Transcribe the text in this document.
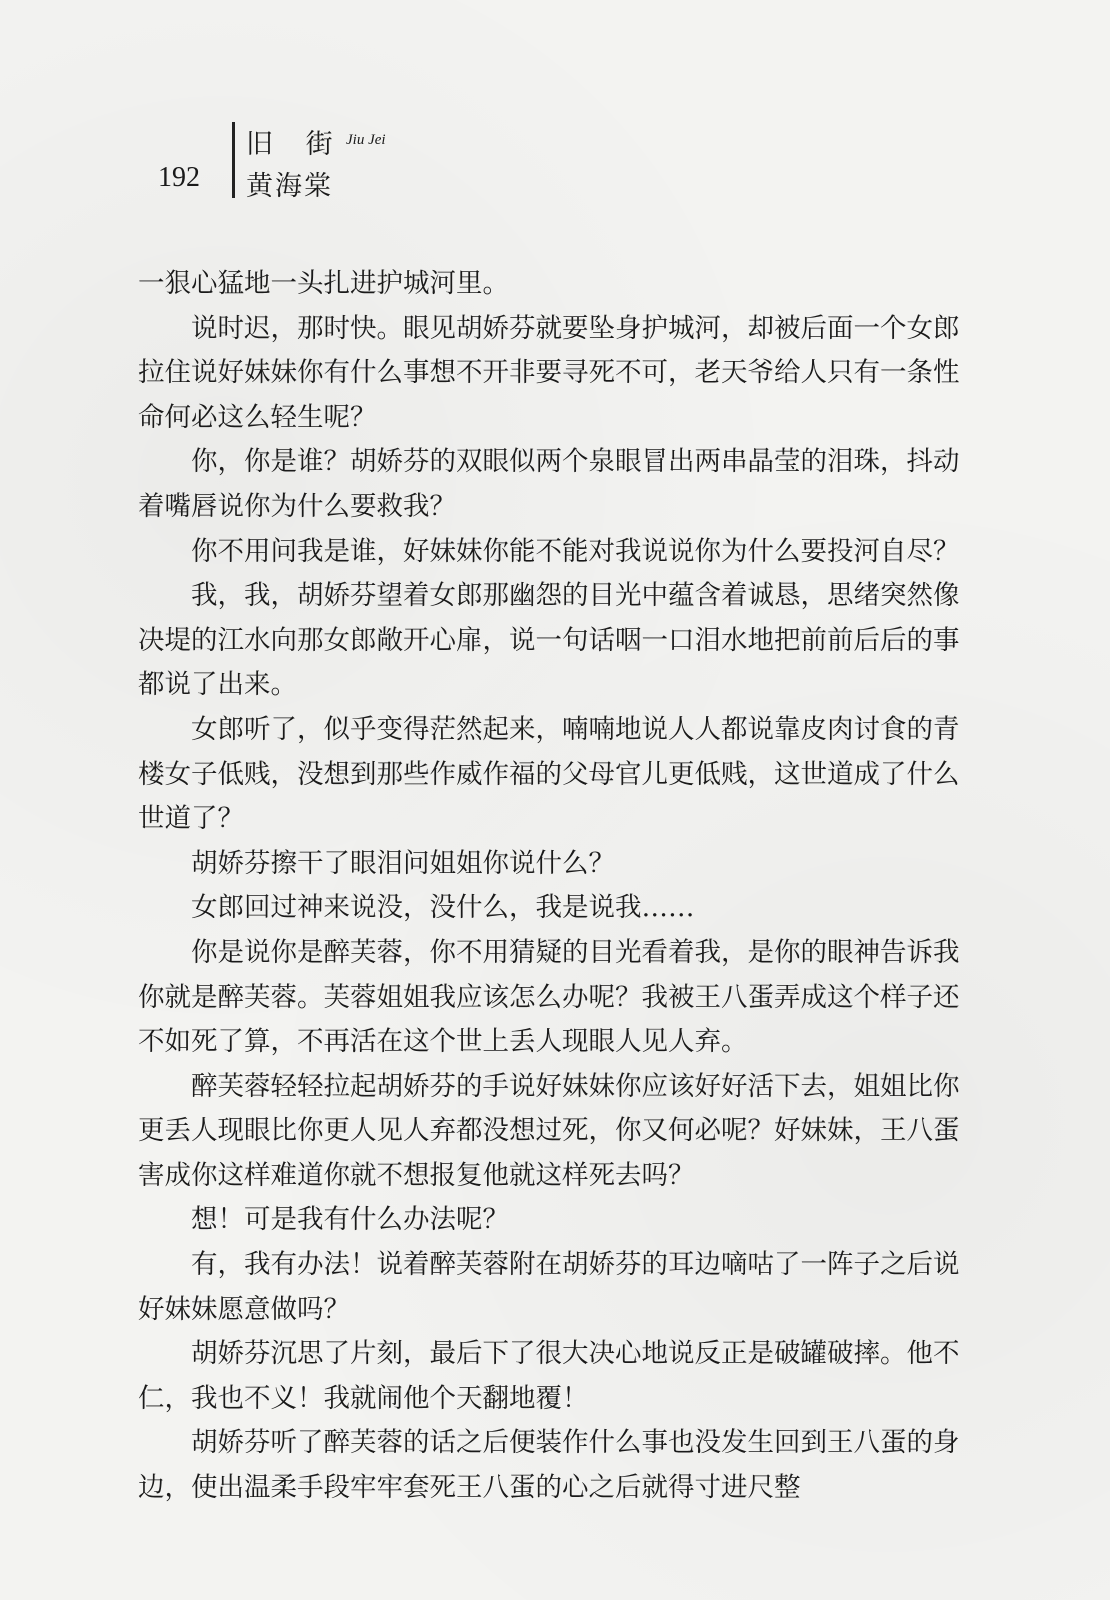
192
旧 街 Jiu Jei
黄海棠

一狠心猛地一头扎进护城河里。

说时迟，那时快。眼见胡娇芬就要坠身护城河，却被后面一个女郎拉住说好妹妹你有什么事想不开非要寻死不可，老天爷给人只有一条性命何必这么轻生呢？

你，你是谁？胡娇芬的双眼似两个泉眼冒出两串晶莹的泪珠，抖动着嘴唇说你为什么要救我？

你不用问我是谁，好妹妹你能不能对我说说你为什么要投河自尽？

我，我，胡娇芬望着女郎那幽怨的目光中蕴含着诚恳，思绪突然像决堤的江水向那女郎敞开心扉，说一句话咽一口泪水地把前前后后的事都说了出来。

女郎听了，似乎变得茫然起来，喃喃地说人人都说靠皮肉讨食的青楼女子低贱，没想到那些作威作福的父母官儿更低贱，这世道成了什么世道了？

胡娇芬擦干了眼泪问姐姐你说什么？

女郎回过神来说没，没什么，我是说我……

你是说你是醉芙蓉，你不用猜疑的目光看着我，是你的眼神告诉我你就是醉芙蓉。芙蓉姐姐我应该怎么办呢？我被王八蛋弄成这个样子还不如死了算，不再活在这个世上丢人现眼人见人弃。

醉芙蓉轻轻拉起胡娇芬的手说好妹妹你应该好好活下去，姐姐比你更丢人现眼比你更人见人弃都没想过死，你又何必呢？好妹妹，王八蛋害成你这样难道你就不想报复他就这样死去吗？

想！可是我有什么办法呢？

有，我有办法！说着醉芙蓉附在胡娇芬的耳边嘀咕了一阵子之后说好妹妹愿意做吗？

胡娇芬沉思了片刻，最后下了很大决心地说反正是破罐破摔。他不仁，我也不义！我就闹他个天翻地覆！

胡娇芬听了醉芙蓉的话之后便装作什么事也没发生回到王八蛋的身边，使出温柔手段牢牢套死王八蛋的心之后就得寸进尺整
